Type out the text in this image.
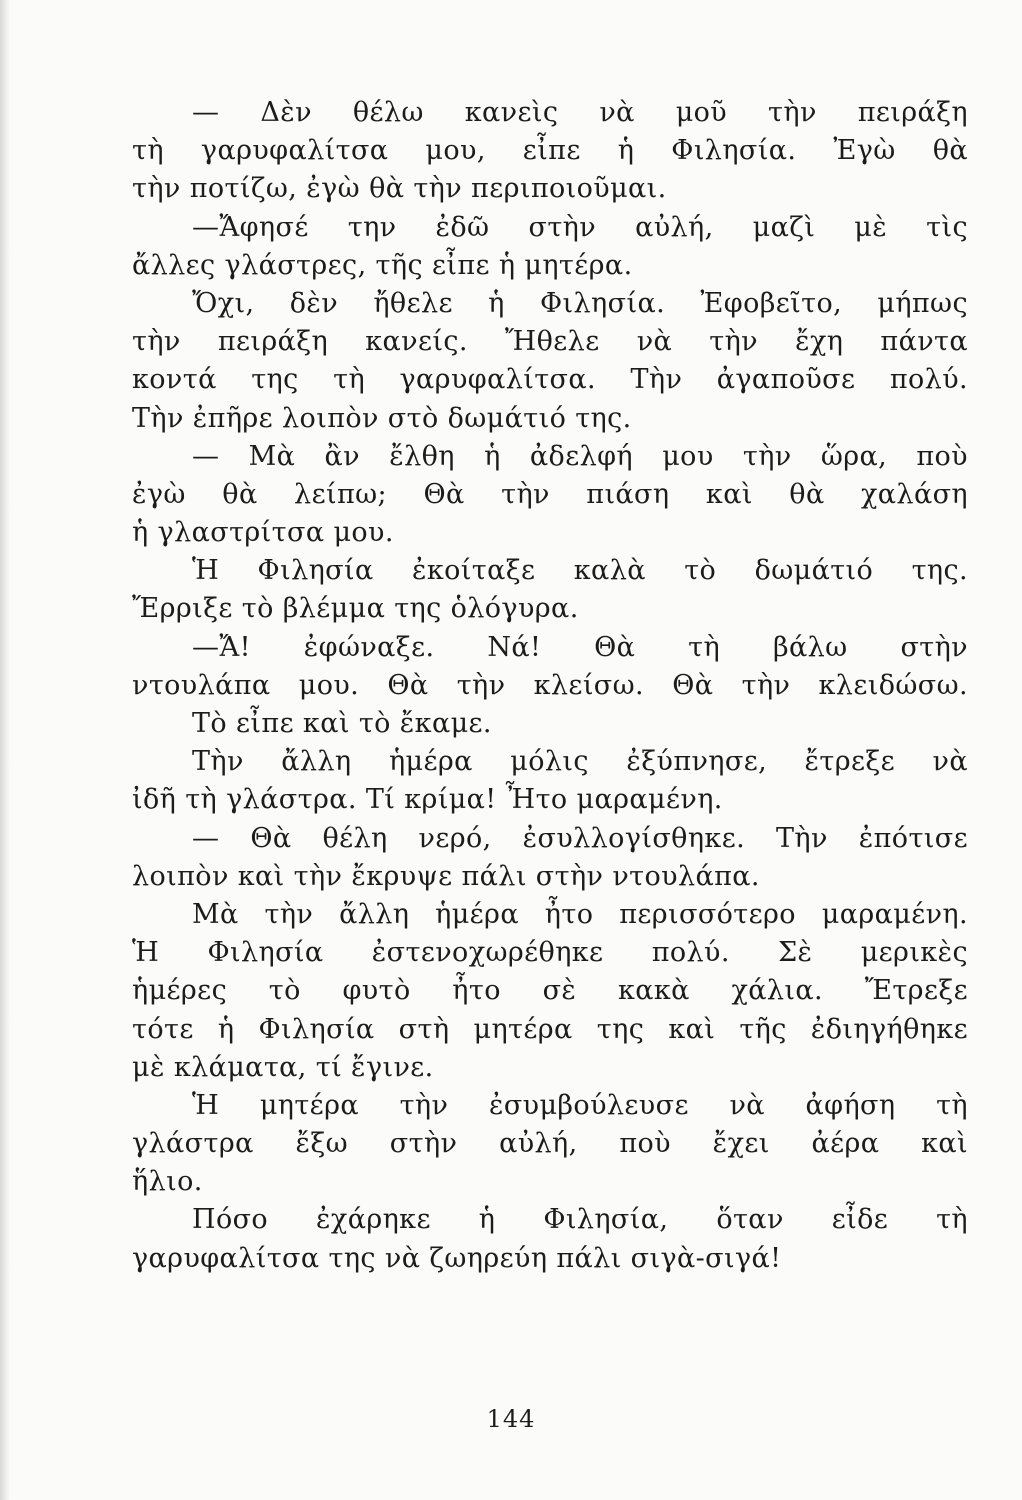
— Δὲν θέλω κανεὶς νὰ μοῦ τὴν πειράξη
τὴ γαρυφαλίτσα μου, εἶπε ἡ Φιλησία. Ἐγὼ θὰ
τὴν ποτίζω, ἐγὼ θὰ τὴν περιποιοῦμαι.
—Ἄφησέ την ἐδῶ στὴν αὐλή, μαζὶ μὲ τὶς
ἄλλες γλάστρες, τῆς εἶπε ἡ μητέρα.
Ὄχι, δὲν ἤθελε ἡ Φιλησία. Ἐφοβεῖτο, μήπως
τὴν πειράξη κανείς. Ἤθελε νὰ τὴν ἔχη πάντα
κοντά της τὴ γαρυφαλίτσα. Τὴν ἀγαποῦσε πολύ.
Τὴν ἐπῆρε λοιπὸν στὸ δωμάτιό της.
— Μὰ ἂν ἔλθη ἡ ἀδελφή μου τὴν ὥρα, ποὺ
ἐγὼ θὰ λείπω; Θὰ τὴν πιάση καὶ θὰ χαλάση
ἡ γλαστρίτσα μου.
Ἡ Φιλησία ἐκοίταξε καλὰ τὸ δωμάτιό της.
Ἔρριξε τὸ βλέμμα της ὁλόγυρα.
—Ἄ! ἐφώναξε. Νά! Θὰ τὴ βάλω στὴν
ντουλάπα μου. Θὰ τὴν κλείσω. Θὰ τὴν κλειδώσω.
Τὸ εἶπε καὶ τὸ ἔκαμε.
Τὴν ἄλλη ἡμέρα μόλις ἐξύπνησε, ἔτρεξε νὰ
ἰδῆ τὴ γλάστρα. Τί κρίμα! Ἦτο μαραμένη.
— Θὰ θέλη νερό, ἐσυλλογίσθηκε. Τὴν ἐπότισε
λοιπὸν καὶ τὴν ἔκρυψε πάλι στὴν ντουλάπα.
Μὰ τὴν ἄλλη ἡμέρα ἦτο περισσότερο μαραμένη.
Ἡ Φιλησία ἐστενοχωρέθηκε πολύ. Σὲ μερικὲς
ἡμέρες τὸ φυτὸ ἦτο σὲ κακὰ χάλια. Ἔτρεξε
τότε ἡ Φιλησία στὴ μητέρα της καὶ τῆς ἐδιηγήθηκε
μὲ κλάματα, τί ἔγινε.
Ἡ μητέρα τὴν ἐσυμβούλευσε νὰ ἀφήση τὴ
γλάστρα ἔξω στὴν αὐλή, ποὺ ἔχει ἀέρα καὶ
ἥλιο.
Πόσο ἐχάρηκε ἡ Φιλησία, ὅταν εἶδε τὴ
γαρυφαλίτσα της νὰ ζωηρεύη πάλι σιγὰ-σιγά!
144
